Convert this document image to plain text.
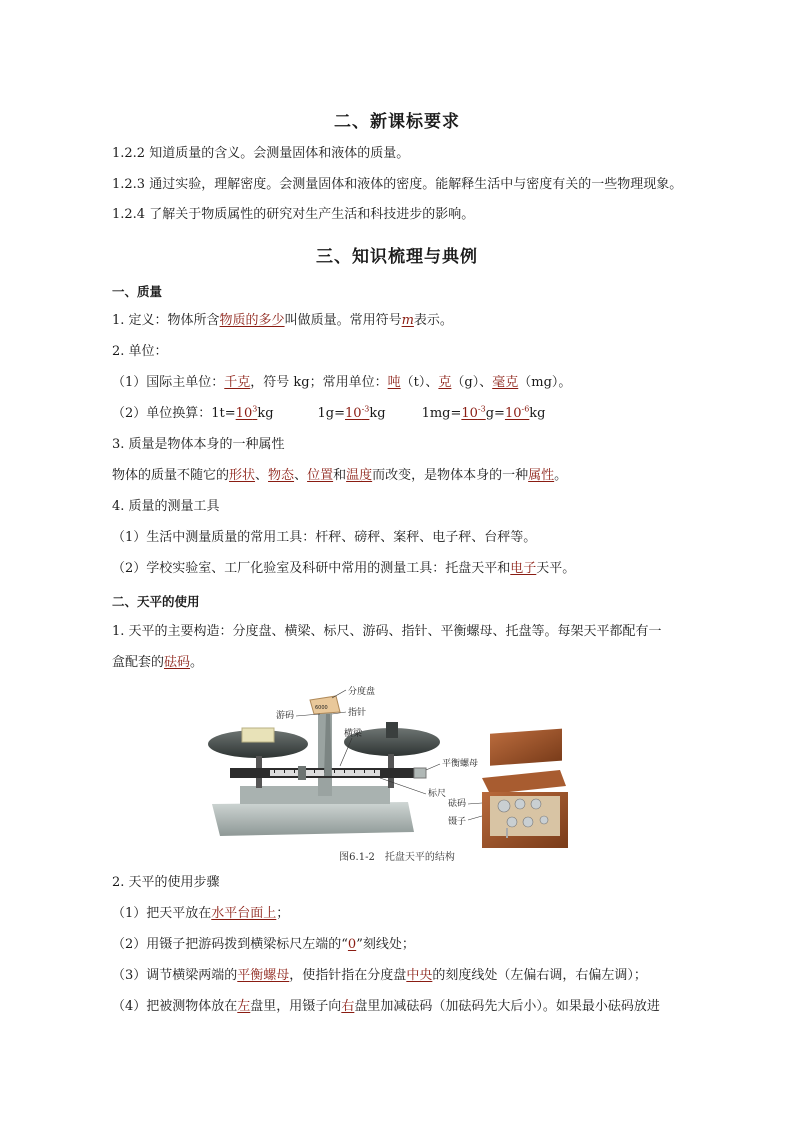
二、新课标要求
1.2.2 知道质量的含义。会测量固体和液体的质量。
1.2.3 通过实验，理解密度。会测量固体和液体的密度。能解释生活中与密度有关的一些物理现象。
1.2.4 了解关于物质属性的研究对生产生活和科技进步的影响。
三、知识梳理与典例
一、质量
1. 定义：物体所含物质的多少叫做质量。常用符号m表示。
2. 单位：
（1）国际主单位：千克，符号 kg；常用单位：吨（t）、克（g）、毫克（mg）。
（2）单位换算：$1t=10^3kg$	$1g=10^{-3}kg$	$1mg=10^{-3}g=10^{-6}kg$
3. 质量是物体本身的一种属性
物体的质量不随它的形状、物态、位置和温度而改变，是物体本身的一种属性。
4. 质量的测量工具
（1）生活中测量质量的常用工具：杆秤、磅秤、案秤、电子秤、台秤等。
（2）学校实验室、工厂化验室及科研中常用的测量工具：托盘天平和电子天平。
二、天平的使用
1. 天平的主要构造：分度盘、横梁、标尺、游码、指针、平衡螺母、托盘等。每架天平都配有一
盒配套的砝码。
6000
分度盘
游码	指针
横梁
平衡螺母
标尺
砝码
镊子
图6.1-2　托盘天平的结构
2. 天平的使用步骤
（1）把天平放在水平台面上；
（2）用镊子把游码拨到横梁标尺左端的“0”刻线处；
（3）调节横梁两端的平衡螺母，使指针指在分度盘中央的刻度线处（左偏右调，右偏左调）；
（4）把被测物体放在左盘里，用镊子向右盘里加减砝码（加砝码先大后小）。如果最小砝码放进
